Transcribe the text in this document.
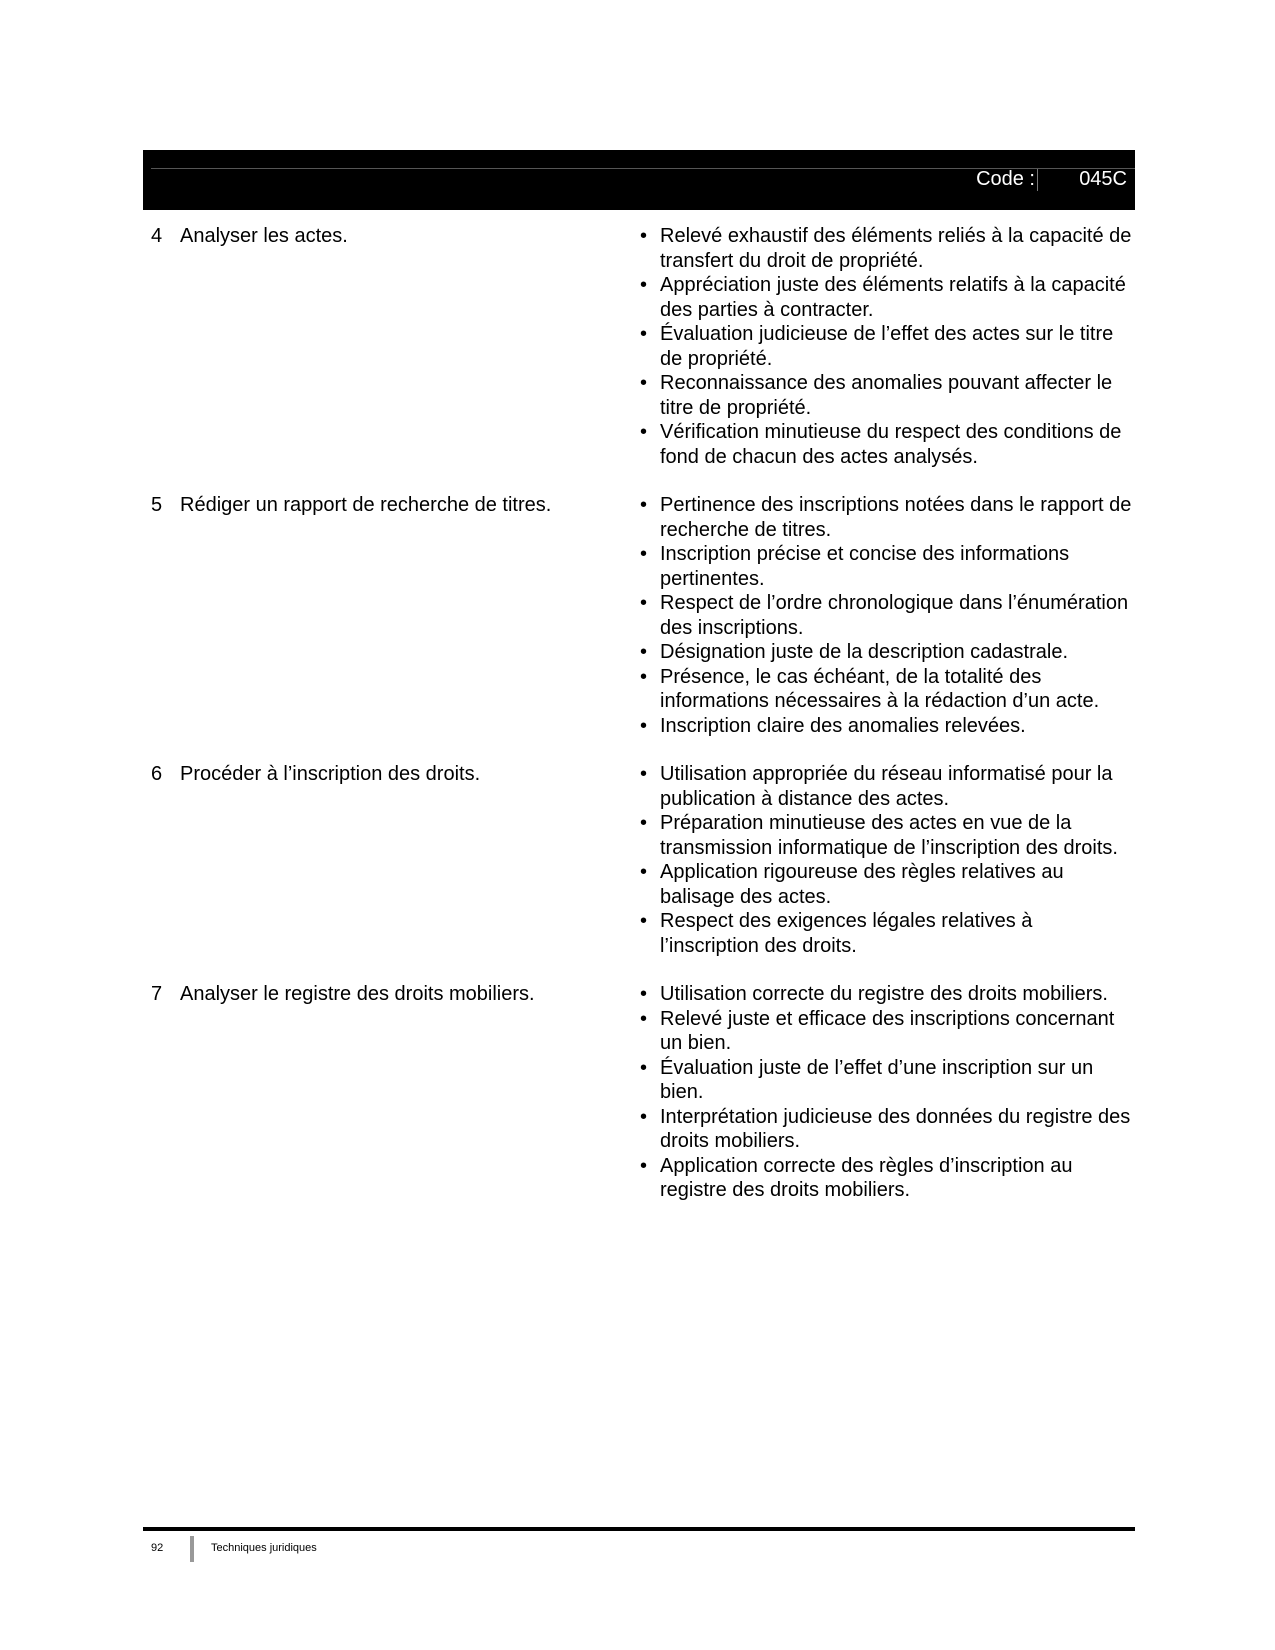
Code : 045C
4 Analyser les actes.	• Relevé exhaustif des éléments reliés à la capacité de transfert du droit de propriété.
• Appréciation juste des éléments relatifs à la capacité des parties à contracter.
• Évaluation judicieuse de l’effet des actes sur le titre de propriété.
• Reconnaissance des anomalies pouvant affecter le titre de propriété.
• Vérification minutieuse du respect des conditions de fond de chacun des actes analysés.
5 Rédiger un rapport de recherche de titres.	• Pertinence des inscriptions notées dans le rapport de recherche de titres.
• Inscription précise et concise des informations pertinentes.
• Respect de l’ordre chronologique dans l’énumération des inscriptions.
• Désignation juste de la description cadastrale.
• Présence, le cas échéant, de la totalité des informations nécessaires à la rédaction d’un acte.
• Inscription claire des anomalies relevées.
6 Procéder à l’inscription des droits.	• Utilisation appropriée du réseau informatisé pour la publication à distance des actes.
• Préparation minutieuse des actes en vue de la transmission informatique de l’inscription des droits.
• Application rigoureuse des règles relatives au balisage des actes.
• Respect des exigences légales relatives à l’inscription des droits.
7 Analyser le registre des droits mobiliers.	• Utilisation correcte du registre des droits mobiliers.
• Relevé juste et efficace des inscriptions concernant un bien.
• Évaluation juste de l’effet d’une inscription sur un bien.
• Interprétation judicieuse des données du registre des droits mobiliers.
• Application correcte des règles d’inscription au registre des droits mobiliers.
92	Techniques juridiques
